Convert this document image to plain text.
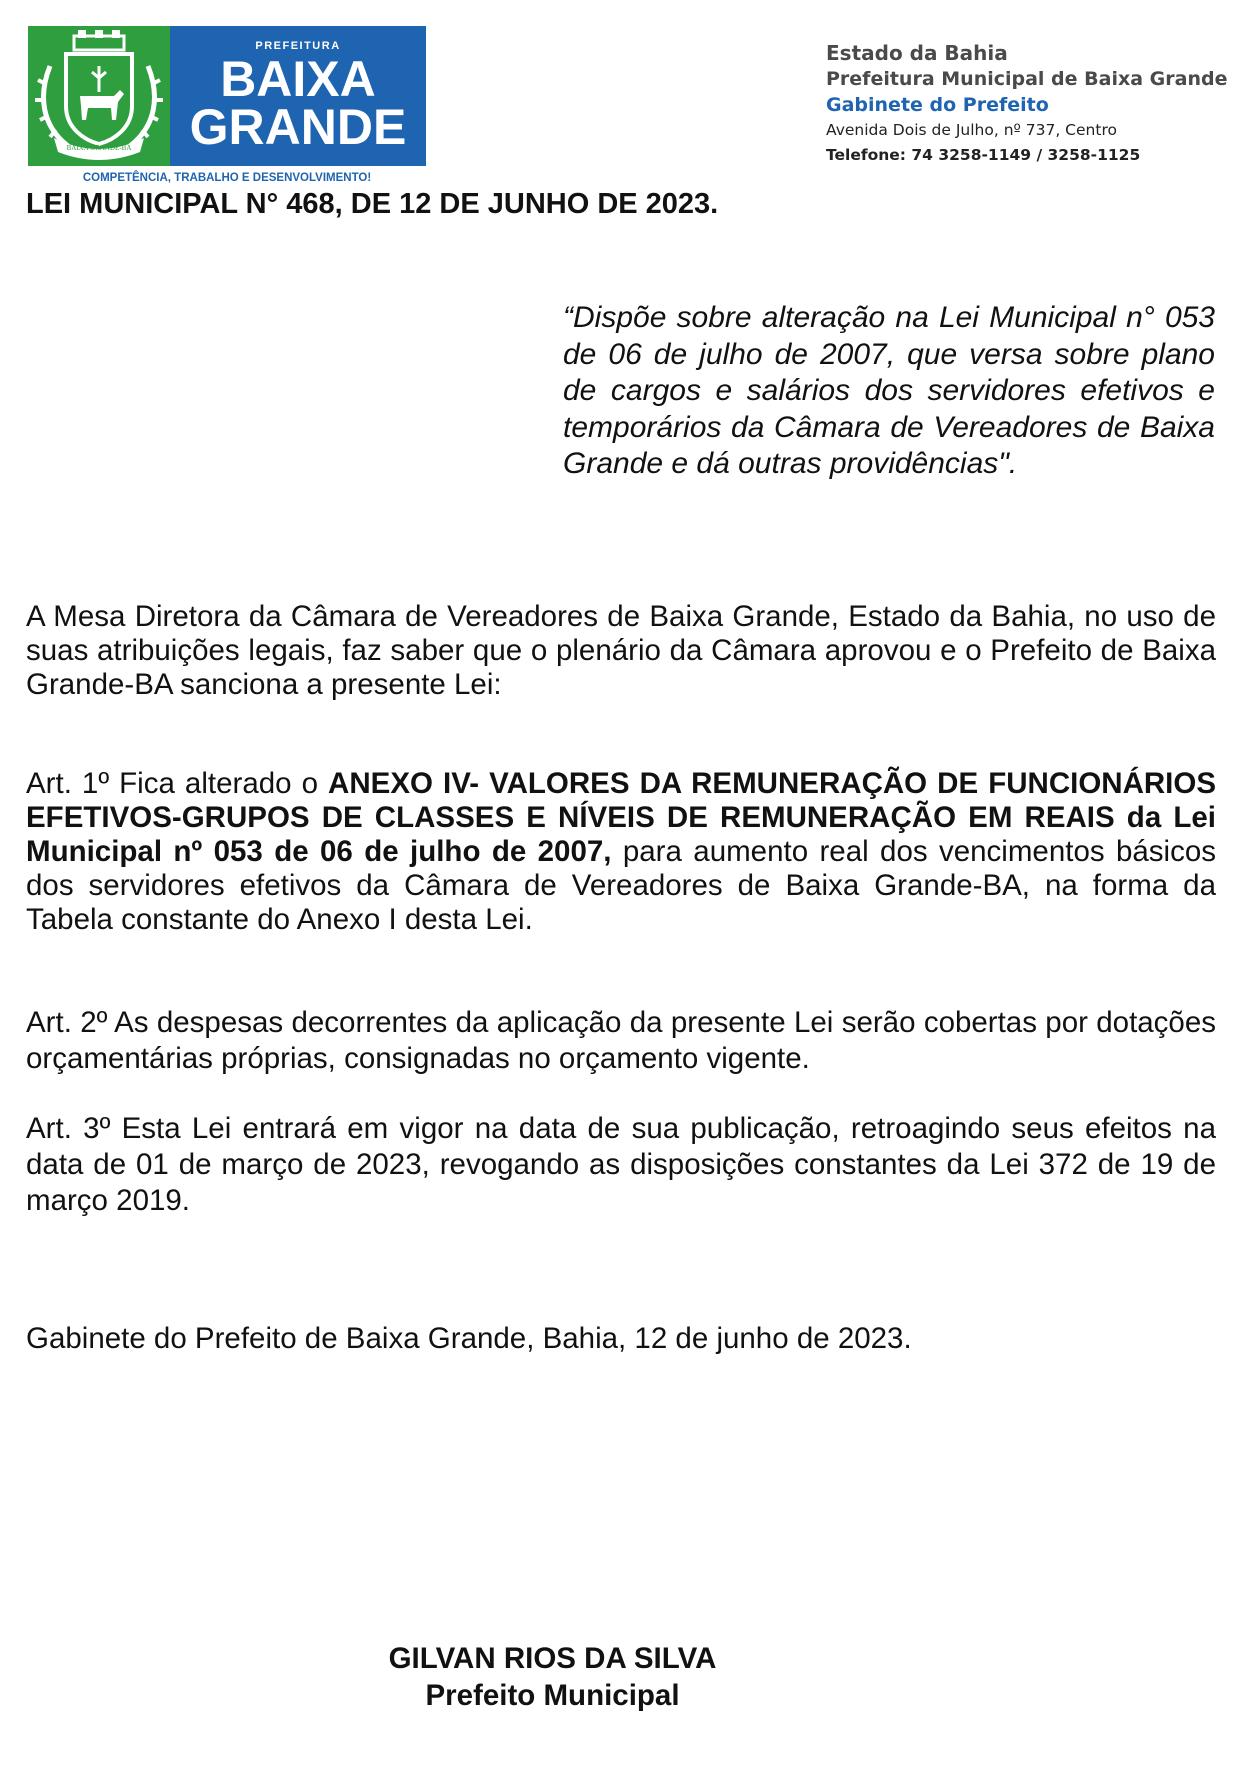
BAIXA GRANDE-BA
PREFEITURA
BAIXA
GRANDE
COMPETÊNCIA, TRABALHO E DESENVOLVIMENTO!
Estado da Bahia
Prefeitura Municipal de Baixa Grande
Gabinete do Prefeito
Avenida Dois de Julho, nº 737, Centro
Telefone: 74 3258-1149 / 3258-1125
LEI MUNICIPAL N° 468, DE 12 DE JUNHO DE 2023.
“Dispõe sobre alteração na Lei Municipal n° 053 de 06 de julho de 2007, que versa sobre plano de cargos e salários dos servidores efetivos e temporários da Câmara de Vereadores de Baixa Grande e dá outras providências".

A Mesa Diretora da Câmara de Vereadores de Baixa Grande, Estado da Bahia, no uso de suas atribuições legais, faz saber que o plenário da Câmara aprovou e o Prefeito de Baixa Grande-BA sanciona a presente Lei:

Art. 1º Fica alterado o ANEXO IV- VALORES DA REMUNERAÇÃO DE FUNCIONÁRIOS EFETIVOS-GRUPOS DE CLASSES E NÍVEIS DE REMUNERAÇÃO EM REAIS da Lei Municipal nº 053 de 06 de julho de 2007, para aumento real dos vencimentos básicos dos servidores efetivos da Câmara de Vereadores de Baixa Grande-BA, na forma da Tabela constante do Anexo I desta Lei.

Art. 2º As despesas decorrentes da aplicação da presente Lei serão cobertas por dotações orçamentárias próprias, consignadas no orçamento vigente.

Art. 3º Esta Lei entrará em vigor na data de sua publicação, retroagindo seus efeitos na data de 01 de março de 2023, revogando as disposições constantes da Lei 372 de 19 de março 2019.

Gabinete do Prefeito de Baixa Grande, Bahia, 12 de junho de 2023.

GILVAN RIOS DA SILVA
Prefeito Municipal
